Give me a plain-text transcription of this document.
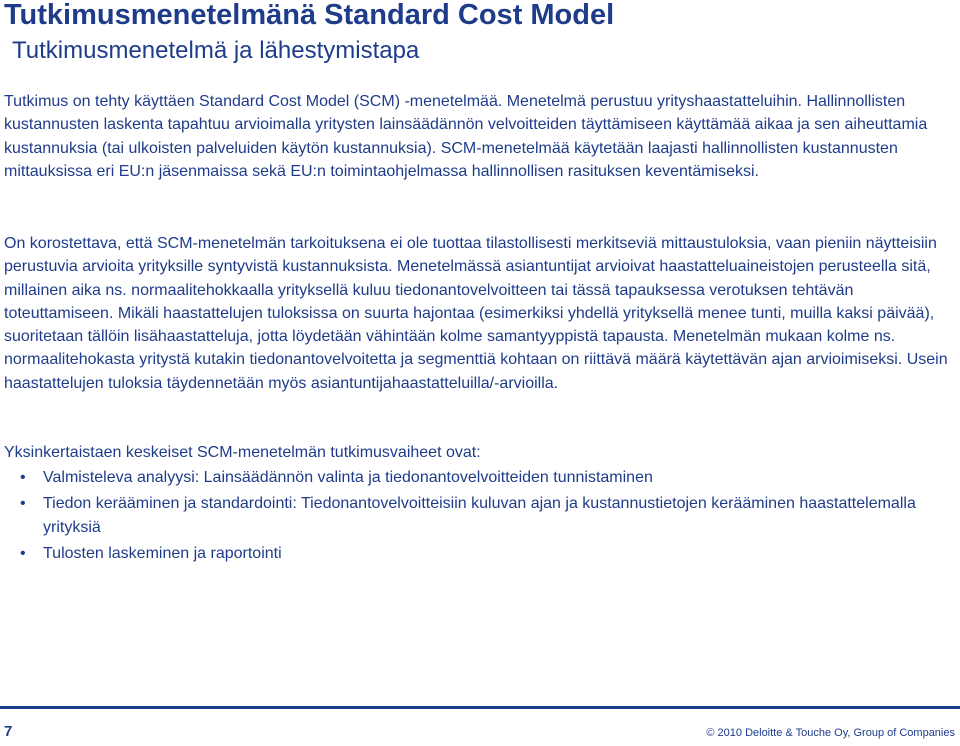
Tutkimusmenetelmänä Standard Cost Model
Tutkimusmenetelmä ja lähestymistapa

Tutkimus on tehty käyttäen Standard Cost Model (SCM) -menetelmää. Menetelmä perustuu yrityshaastatteluihin. Hallinnollisten kustannusten laskenta tapahtuu arvioimalla yritysten lainsäädännön velvoitteiden täyttämiseen käyttämää aikaa ja sen aiheuttamia kustannuksia (tai ulkoisten palveluiden käytön kustannuksia). SCM-menetelmää käytetään laajasti hallinnollisten kustannusten mittauksissa eri EU:n jäsenmaissa sekä EU:n toimintaohjelmassa hallinnollisen rasituksen keventämiseksi.

On korostettava, että SCM-menetelmän tarkoituksena ei ole tuottaa tilastollisesti merkitseviä mittaustuloksia, vaan pieniin näytteisiin perustuvia arvioita yrityksille syntyvistä kustannuksista. Menetelmässä asiantuntijat arvioivat haastatteluaineistojen perusteella sitä, millainen aika ns. normaalitehokkaalla yrityksellä kuluu tiedonantovelvoitteen tai tässä tapauksessa verotuksen tehtävän toteuttamiseen. Mikäli haastattelujen tuloksissa on suurta hajontaa (esimerkiksi yhdellä yrityksellä menee tunti, muilla kaksi päivää), suoritetaan tällöin lisähaastatteluja, jotta löydetään vähintään kolme samantyyppistä tapausta. Menetelmän mukaan kolme ns. normaalitehokasta yritystä kutakin tiedonantovelvoitetta ja segmenttiä kohtaan on riittävä määrä käytettävän ajan arvioimiseksi. Usein haastattelujen tuloksia täydennetään myös asiantuntijahaastatteluilla/-arvioilla.

Yksinkertaistaen keskeiset SCM-menetelmän tutkimusvaiheet ovat:

• Valmisteleva analyysi: Lainsäädännön valinta ja tiedonantovelvoitteiden tunnistaminen
• Tiedon kerääminen ja standardointi: Tiedonantovelvoitteisiin kuluvan ajan ja kustannustietojen kerääminen haastattelemalla yrityksiä
• Tulosten laskeminen ja raportointi
7	© 2010 Deloitte & Touche Oy, Group of Companies
